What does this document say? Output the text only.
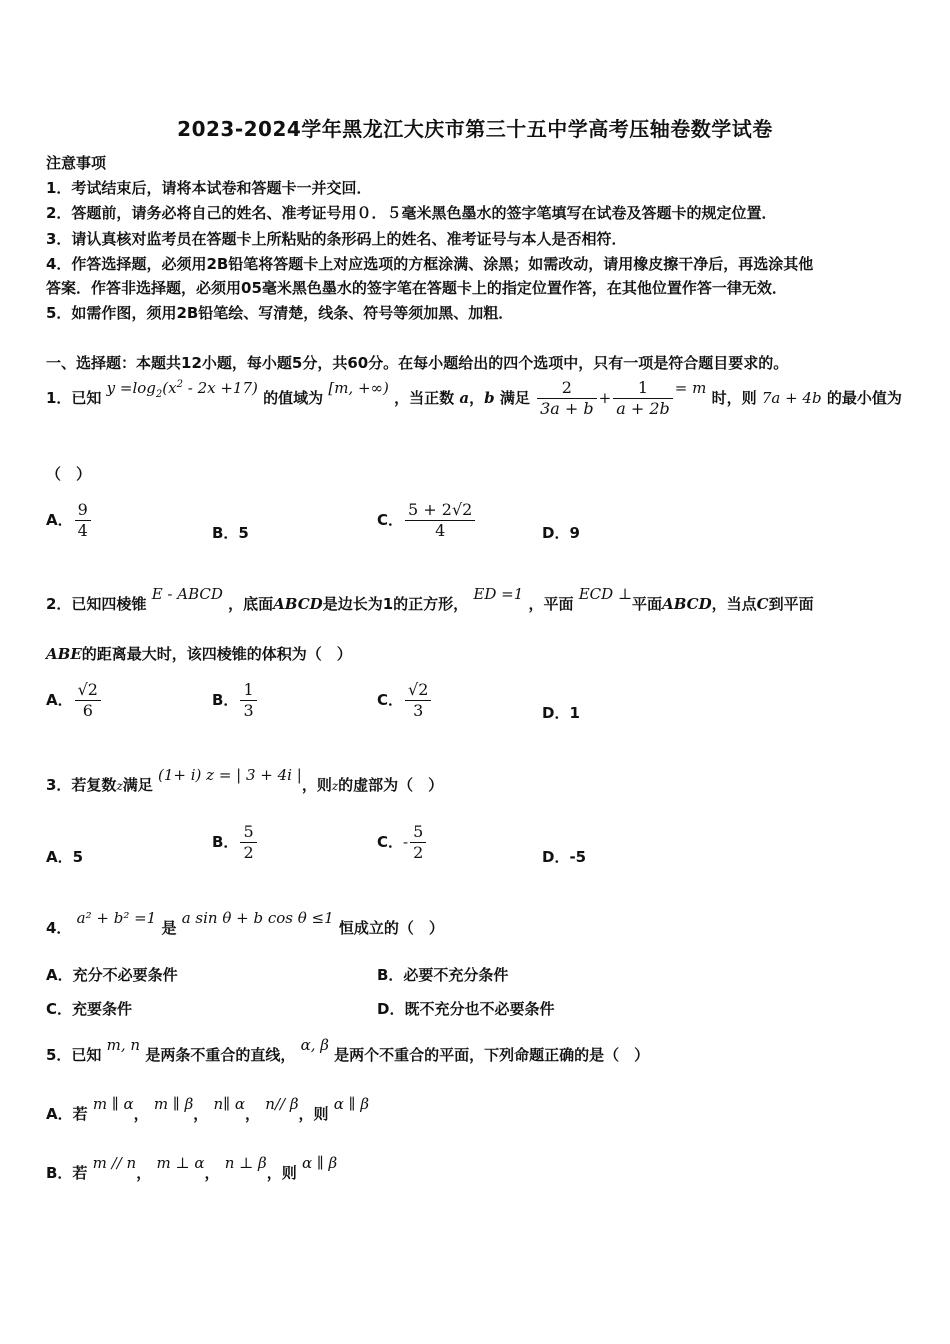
2023-2024学年黑龙江大庆市第三十五中学高考压轴卷数学试卷
注意事项
1．考试结束后，请将本试卷和答题卡一并交回．
2．答题前，请务必将自己的姓名、准考证号用０．５毫米黑色墨水的签字笔填写在试卷及答题卡的规定位置．
3．请认真核对监考员在答题卡上所粘贴的条形码上的姓名、准考证号与本人是否相符．
4．作答选择题，必须用2B铅笔将答题卡上对应选项的方框涂满、涂黑；如需改动，请用橡皮擦干净后，再选涂其他
答案．作答非选择题，必须用05毫米黑色墨水的签字笔在答题卡上的指定位置作答，在其他位置作答一律无效．
5．如需作图，须用2B铅笔绘、写清楚，线条、符号等须加黑、加粗．
一、选择题：本题共12小题，每小题5分，共60分。在每小题给出的四个选项中，只有一项是符合题目要求的。
1．已知 $y =\log_2(x^2 - 2x +17)$ 的值域为 [m, +∞) ，当正数 a，b 满足 $\frac{2}{3a + b} + \frac{1}{a + 2b} = m$ 时，则 7a + 4b 的最小值为
（　）
A． $\frac{9}{4}$	B．5
C． $\frac{5 + 2√2}{4}$	D．9
2．已知四棱锥 E - ABCD ，底面ABCD是边长为1的正方形， ED =1 ，平面 ECD ⊥平面ABCD，当点C到平面
ABE的距离最大时，该四棱锥的体积为（　）
A． $\frac{√2}{6}$	B． $\frac{1}{3}$	C． $\frac{√2}{3}$	D．1
3．若复数z满足 (1+ i) z = | 3 + 4i |，则z的虚部为（　）
A．5
B． $\frac{5}{2}$	C．- $\frac{5}{2}$	D．-5
4． a² + b² =1 是 a sin θ + b cos θ ≤1 恒成立的（　）
A．充分不必要条件	B．必要不充分条件
C．充要条件	D．既不充分也不必要条件
5．已知 m, n 是两条不重合的直线， α, β 是两个不重合的平面，下列命题正确的是（　）
A．若 m ∥ α， m ∥ β， n∥ α， n// β，则 α ∥ β
B．若 m // n， m ⊥ α， n ⊥ β，则 α ∥ β
